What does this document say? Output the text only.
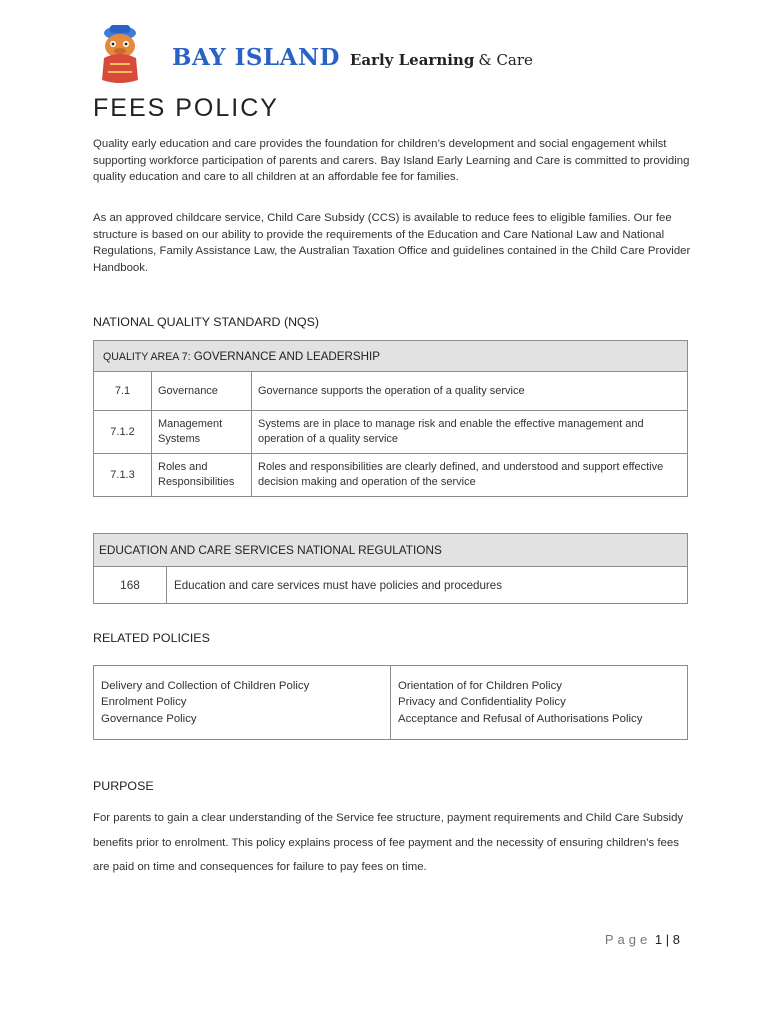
BAY ISLAND Early Learning & Care
FEES POLICY

Quality early education and care provides the foundation for children’s development and social engagement whilst supporting workforce participation of parents and carers. Bay Island Early Learning and Care is committed to providing quality education and care to all children at an affordable fee for families.

As an approved childcare service, Child Care Subsidy (CCS) is available to reduce fees to eligible families. Our fee structure is based on our ability to provide the requirements of the Education and Care National Law and National Regulations, Family Assistance Law, the Australian Taxation Office and guidelines contained in the Child Care Provider Handbook.

NATIONAL QUALITY STANDARD (NQS)

QUALITY AREA 7: GOVERNANCE AND LEADERSHIP		
7.1	Governance	Governance supports the operation of a quality service
7.1.2	Management Systems	Systems are in place to manage risk and enable the effective management and operation of a quality service
7.1.3	Roles and Responsibilities	Roles and responsibilities are clearly defined, and understood and support effective decision making and operation of the service
EDUCATION AND CARE SERVICES NATIONAL REGULATIONS
168	Education and care services must have policies and procedures

RELATED POLICIES

Delivery and Collection of Children Policy
Enrolment Policy
Governance Policy

Orientation of for Children Policy
Privacy and Confidentiality Policy
Acceptance and Refusal of Authorisations Policy

PURPOSE

For parents to gain a clear understanding of the Service fee structure, payment requirements and Child Care Subsidy benefits prior to enrolment. This policy explains process of fee payment and the necessity of ensuring children’s fees are paid on time and consequences for failure to pay fees on time.

Page 1 | 8
